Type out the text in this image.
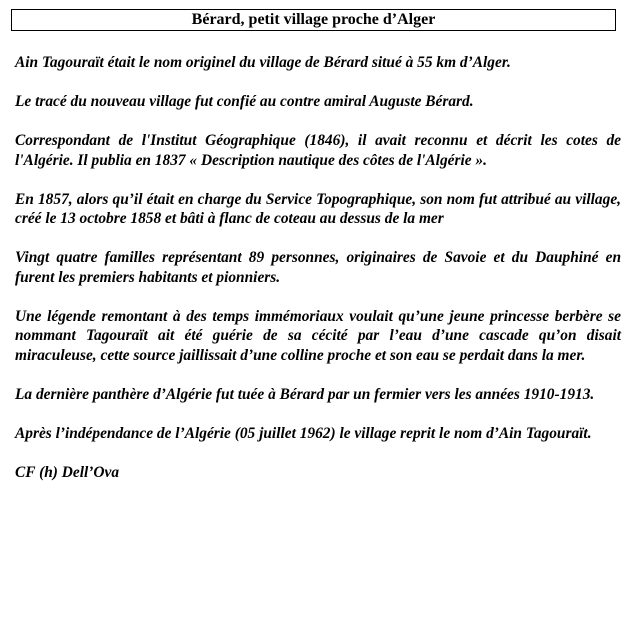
Bérard, petit village proche d’Alger

Ain Tagouraït était le nom originel du village de Bérard situé à 55 km d’Alger.

Le tracé du nouveau village fut confié au contre amiral Auguste Bérard.

Correspondant de l'Institut Géographique (1846), il avait reconnu et décrit les cotes de l'Algérie. Il publia en 1837 « Description nautique des côtes de l'Algérie ».

En 1857, alors qu’il était en charge du Service Topographique, son nom fut attribué au village, créé le 13 octobre 1858 et bâti à flanc de coteau au dessus de la mer

Vingt quatre familles représentant 89 personnes, originaires de Savoie et du Dauphiné en furent les premiers habitants et pionniers.

Une légende remontant à des temps immémoriaux voulait qu’une jeune princesse berbère se nommant Tagouraït ait été guérie de sa cécité par l’eau d’une cascade qu’on disait miraculeuse, cette source jaillissait d’une colline proche et son eau se perdait dans la mer.

La dernière panthère d’Algérie fut tuée à Bérard par un fermier vers les années 1910-1913.

Après l’indépendance de l’Algérie (05 juillet 1962) le village reprit le nom d’Ain Tagouraït.

CF (h) Dell’Ova
